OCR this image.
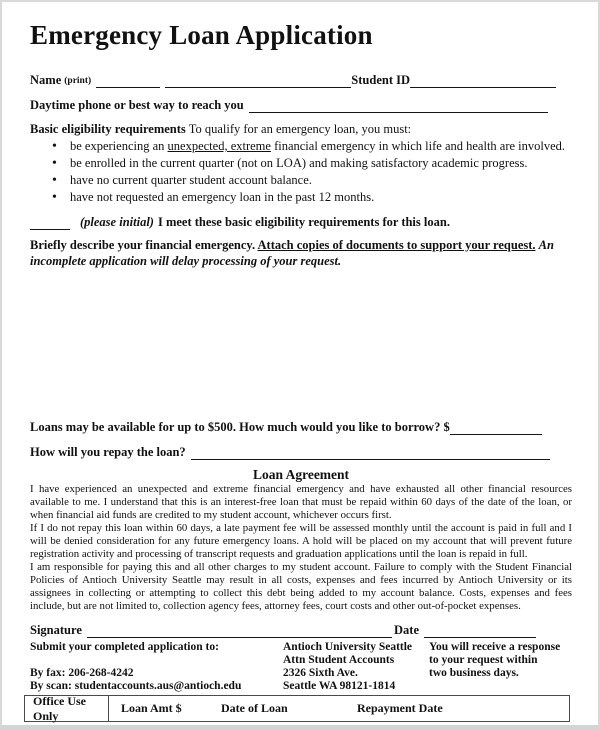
Emergency Loan Application
Name (print)	Student ID
Daytime phone or best way to reach you
Basic eligibility requirements To qualify for an emergency loan, you must:
• be experiencing an unexpected, extreme financial emergency in which life and health are involved.
• be enrolled in the current quarter (not on LOA) and making satisfactory academic progress.
• have no current quarter student account balance.
• have not requested an emergency loan in the past 12 months.
(please initial) I meet these basic eligibility requirements for this loan.

Briefly describe your financial emergency. Attach copies of documents to support your request. An incomplete application will delay processing of your request.

Loans may be available for up to $500. How much would you like to borrow? $
How will you repay the loan?
Loan Agreement

I have experienced an unexpected and extreme financial emergency and have exhausted all other financial resources available to me. I understand that this is an interest-free loan that must be repaid within 60 days of the date of the loan, or when financial aid funds are credited to my student account, whichever occurs first.

If I do not repay this loan within 60 days, a late payment fee will be assessed monthly until the account is paid in full and I will be denied consideration for any future emergency loans. A hold will be placed on my account that will prevent future registration activity and processing of transcript requests and graduation applications until the loan is repaid in full.

I am responsible for paying this and all other charges to my student account. Failure to comply with the Student Financial Policies of Antioch University Seattle may result in all costs, expenses and fees incurred by Antioch University or its assignees in collecting or attempting to collect this debt being added to my account balance. Costs, expenses and fees include, but are not limited to, collection agency fees, attorney fees, court costs and other out-of-pocket expenses.

Signature	Date
Submit your completed application to:
By fax: 206-268-4242
By scan: studentaccounts.aus@antioch.edu
Antioch University Seattle
Attn Student Accounts
2326 Sixth Ave.
Seattle WA 98121-1814
You will receive a response
to your request within
two business days.
Office Use Only
Loan Amt $	Date of Loan	Repayment Date
